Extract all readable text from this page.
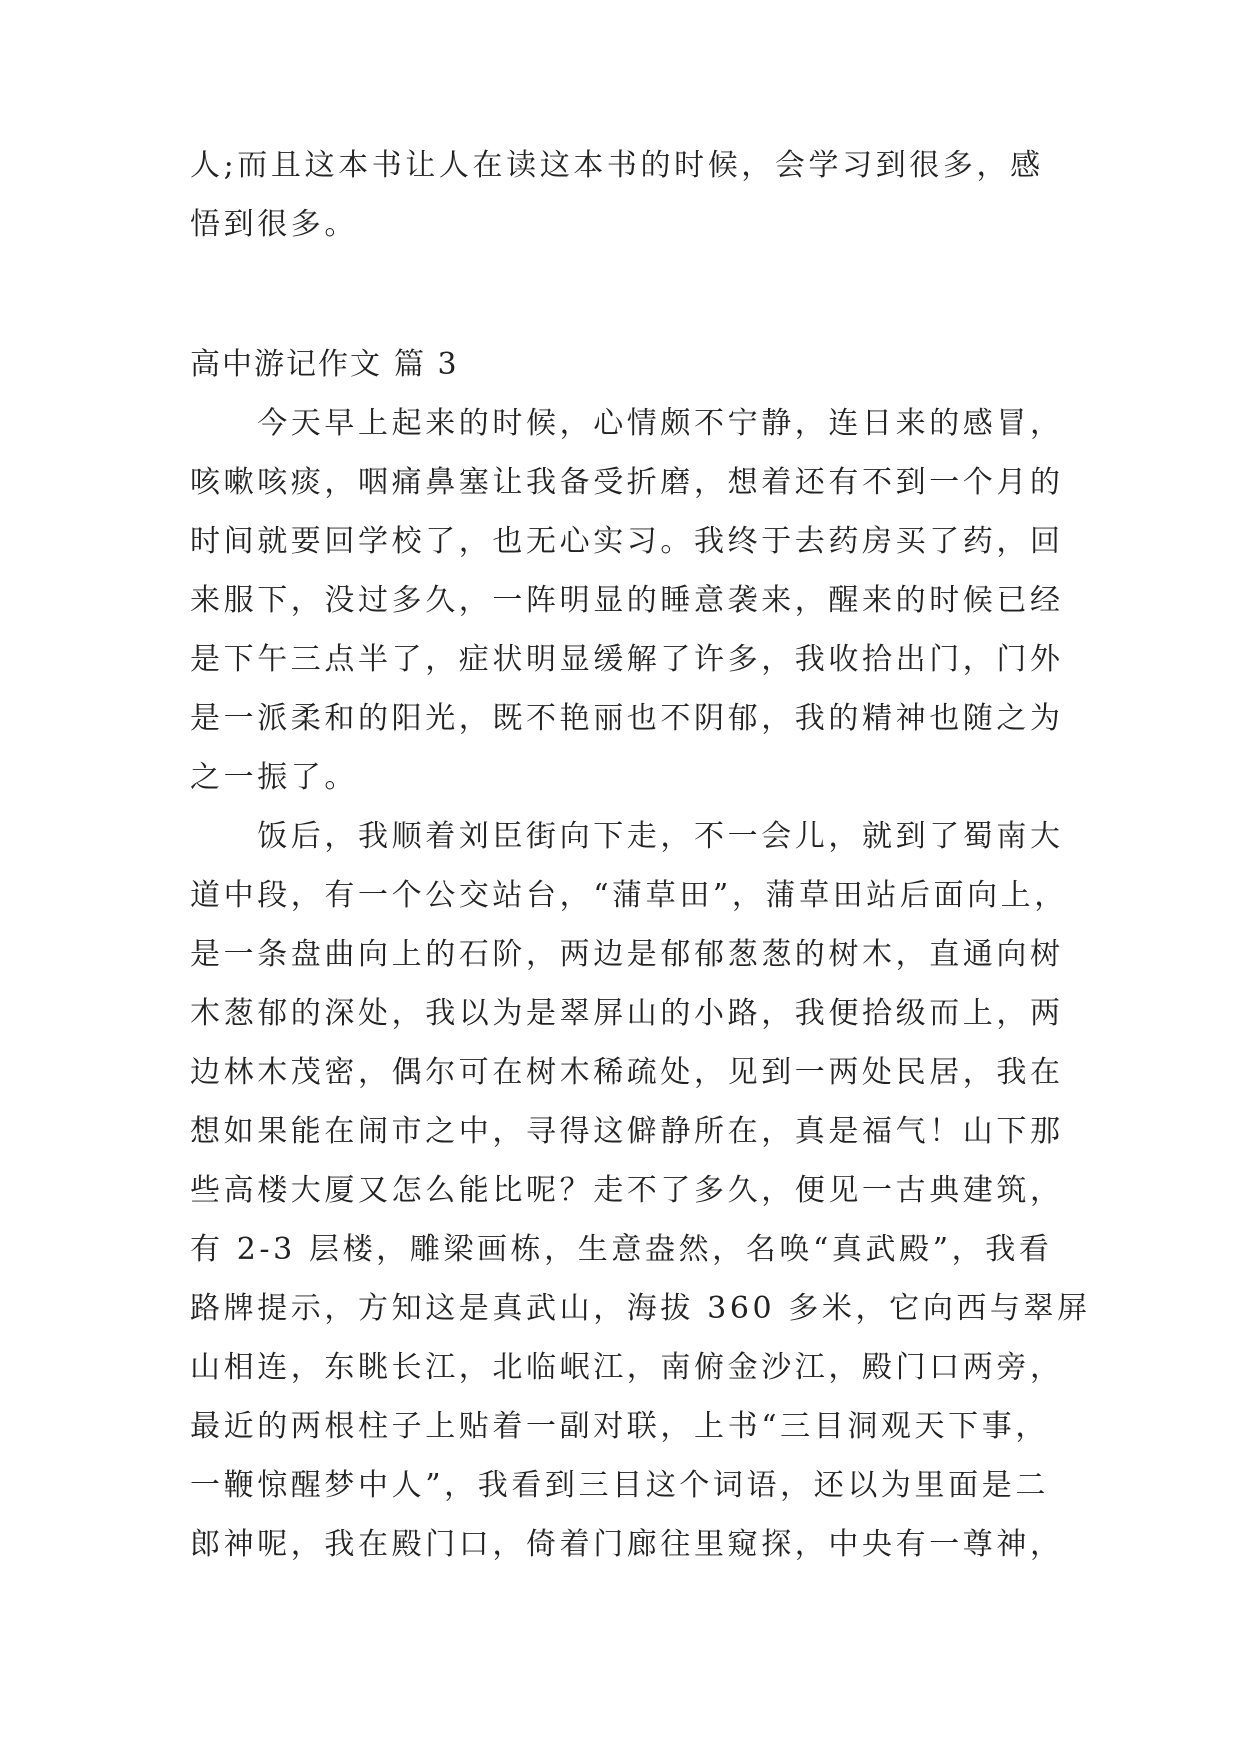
人;而且这本书让人在读这本书的时候，会学习到很多，感
悟到很多。
高中游记作文 篇 3
　　今天早上起来的时候，心情颇不宁静，连日来的感冒，
咳嗽咳痰，咽痛鼻塞让我备受折磨，想着还有不到一个月的
时间就要回学校了，也无心实习。我终于去药房买了药，回
来服下，没过多久，一阵明显的睡意袭来，醒来的时候已经
是下午三点半了，症状明显缓解了许多，我收拾出门，门外
是一派柔和的阳光，既不艳丽也不阴郁，我的精神也随之为
之一振了。
　　饭后，我顺着刘臣街向下走，不一会儿，就到了蜀南大
道中段，有一个公交站台，“蒲草田”，蒲草田站后面向上，
是一条盘曲向上的石阶，两边是郁郁葱葱的树木，直通向树
木葱郁的深处，我以为是翠屏山的小路，我便拾级而上，两
边林木茂密，偶尔可在树木稀疏处，见到一两处民居，我在
想如果能在闹市之中，寻得这僻静所在，真是福气！山下那
些高楼大厦又怎么能比呢？走不了多久，便见一古典建筑，
有 2-3 层楼，雕梁画栋，生意盎然，名唤“真武殿”，我看
路牌提示，方知这是真武山，海拔 360 多米，它向西与翠屏
山相连，东眺长江，北临岷江，南俯金沙江，殿门口两旁，
最近的两根柱子上贴着一副对联，上书“三目洞观天下事，
一鞭惊醒梦中人”，我看到三目这个词语，还以为里面是二
郎神呢，我在殿门口，倚着门廊往里窥探，中央有一尊神，
